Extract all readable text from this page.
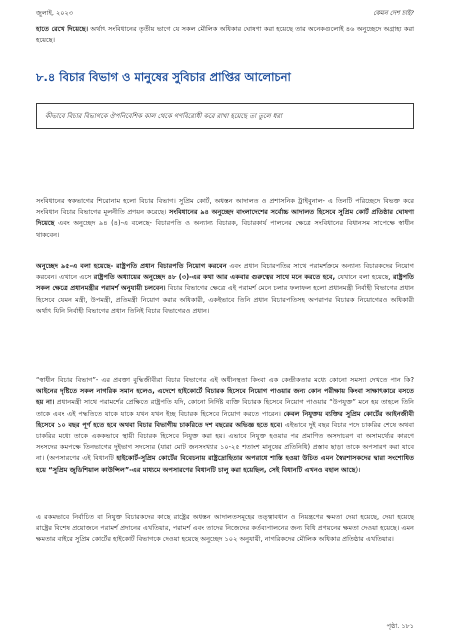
জুলাই, ২০২৩	কেমন দেশ চাই?

হাতে রেখে দিয়েছে। অর্থাৎ সংবিধানের তৃতীয় ভাগে যে সকল মৌলিক অধিকার ঘোষণা করা হয়েছে তার অনেকগুলোই ৪৬ অনুচ্ছেদে অগ্রাহ্য করা হয়েছে।

৮.৪ বিচার বিভাগ ও মানুষের সুবিচার প্রাপ্তির আলোচনা
কীভাবে বিচার বিভাগকে ঔপনিবেশিক কাল থেকে গণবিরোধী করে রাখা হয়েছে তা তুলে ধরা

সংবিধানের স্বকভাগের শিরোনাম হলো বিচার বিভাগ। সুপ্রিম কোর্ট, অধস্তন আদালত ও প্রশাসনিক ট্রাইবুনাল- এ তিনটি পরিচ্ছেদে বিভক্ত করে সংবিধান বিচার বিভাগের মূলনীতি প্রণয়ন করেছে। সংবিধানের ৯৪ অনুচ্ছেদ বাংলাদেশের সর্বোচ্চ আদালত হিসেবে সুপ্রিম কোর্ট প্রতিষ্ঠার ঘোষণা দিয়েছে এবং অনুচ্ছেদ ৯৪ (৪)-এ বলেছে- বিচারপতি ও অন্যান্য বিচারক, বিচারকার্য পালনের ক্ষেত্রে সংবিধানের বিধানসম সাপেক্ষে স্বাধীন থাকবেন।

অনুচ্ছেদ ৯৫-এ বলা হয়েছে- রাষ্ট্রপতি প্রধান বিচারপতি নিয়োগ করবেন এবং প্রধান বিচারপতির সাথে পরামর্শক্রমে অন্যান্য বিচারকদের নিয়োগ করবেন। এখানে এসে রাষ্ট্রপতি অধ্যায়ের অনুচ্ছেদ ৪৮ (৩)-এর কথা আর একবার গুরুত্বের সাথে মনে করতে হবে, যেখানে বলা হয়েছে, রাষ্ট্রপতি সকল ক্ষেত্রে প্রধানমন্ত্রীর পরামর্শ অনুযায়ী চলবেন। বিচার বিভাগের ক্ষেত্রে এই পরামর্শ মেনে চলার ফলাফল হলো প্রধানমন্ত্রী নির্বাহী বিভাগের প্রধান হিসেবে যেমন মন্ত্রী, উপমন্ত্রী, প্রতিমন্ত্রী নিয়োগ করার অধিকারী, একইভাবে তিনি প্রধান বিচারপতিসহ অপরাপর বিচারক নিয়োগেরও অধিকারী অর্থাৎ যিনি নির্বাহী বিভাগের প্রধান তিনিই বিচার বিভাগেরও প্রধান।

“স্বাধীন বিচার বিভাগ”- এর প্রবক্তা বুদ্ধিজীবীরা বিচার বিভাগের এই অধীনস্থতা কিংবা এক কেন্দ্রীকতার মধ্যে কোনো সমস্যা দেখতে পান কি? আইনের দৃষ্টিতে সকল নাগরিক সমান হলেও, এদেশে হাইকোর্টে বিচারক হিসেবে নিয়োগ পাওয়ার জন্য কোন পরীক্ষায় কিংবা সাক্ষাৎকারে বসতে হয় না। প্রধানমন্ত্রী সাথে পরামর্শের প্রেক্ষিতে রাষ্ট্রপতি যদি, কোনো নির্দিষ্ট ব্যক্তি বিচারক হিসেবে নিয়োগ পাওয়ার “উপযুক্ত” মনে হয় তাহলে তিনি তাকে এবং এই পদ্ধতিতে যাকে যাকে যখন যখন ইচ্ছ বিচারক হিসেবে নিয়োগ করতে পারেন। কেবল নিযুক্তয় ব্যক্তির সুপ্রিম কোর্টের আইনজীবী হিসেবে ১০ বছর পূর্ণ হতে হবে অথবা বিচার বিভাগীয় চাকরিতে দশ বছরের অভিজ্ঞ হতে হবে। এইভাবে দুই বছর বিচার পদে চাকরির শেষে অথবা চাকরির মধ্যে তাকে এককভাবে স্থায়ী বিচারক হিসেবে নিযুক্ত করা হয়। এভাবে নিযুক্ত হওয়ার পর প্রমাণিত অসদাচরণ বা অসামর্থ্যের কারণে সংসদের কমপক্ষে তিনভাগের দুইভাগ সদস্যের (যারা মোট জনসংখ্যার ১০-২৫ শতাংশ মানুষের প্রতিনিধি) প্রস্তাব ছাড়া তাকে অপসারণ করা যাবে না। (অপসারণের এই বিধানটি হাইকোর্ট-সুপ্রিম কোর্টের বিবেচনায় রাষ্ট্রদ্রোহিতার অপরাধে শাস্তি হওয়া উচিত এমন স্বৈরশাসকদের দ্বারা সংশোধিত হয়ে “সুপ্রিম জুডিশিয়াল কাউন্সিল”-এর মাধ্যমে অপসারণের বিধানটি চালু করা হয়েছিল, সেই বিধানটি এখনও বহাল আছে)।

এ রকমভাবে নির্বাচিত বা নিযুক্ত বিচারকদের কাছে রাষ্ট্রের অধস্তন আদালতসমূহের তত্ত্বাবধান ও নিয়ন্ত্রণের ক্ষমতা দেয়া হয়েছে, দেয়া হয়েছে রাষ্ট্রের বিশেষ প্রয়োজনে পরামর্শ প্রদানের এখতিয়ার, পরামর্শ এবং তাদের নিজেদের কর্তব্যপালনের জন্য বিধি প্রণয়নের ক্ষমতা দেওয়া হয়েছে। এমন ক্ষমতার বাইরে সুপ্রিম কোর্টের হাইকোর্ট বিভাগকে দেওয়া হয়েছে অনুচ্ছেদ ১০২ অনুযায়ী, নাগরিকদের মৌলিক অধিকার প্রতিষ্ঠার এখতিয়ার।

পৃষ্ঠা. ১৮১
